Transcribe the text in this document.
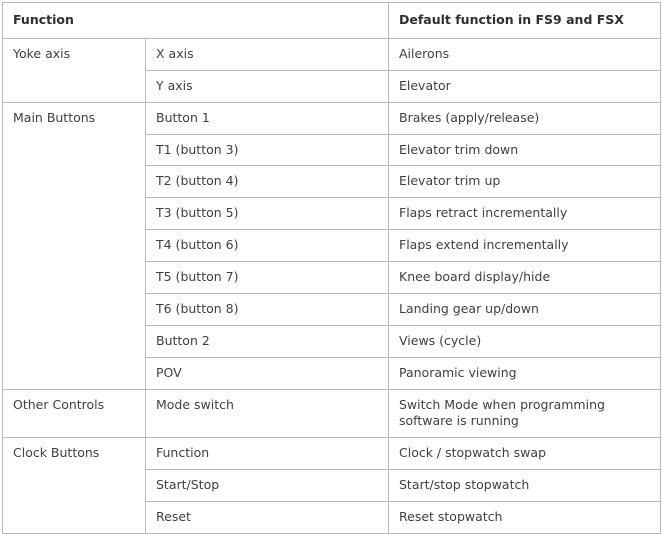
Function		Default function in FS9 and FSX
Yoke axis	X axis	Ailerons
	Y axis	Elevator
Main Buttons	Button 1	Brakes (apply/release)
	T1 (button 3)	Elevator trim down
	T2 (button 4)	Elevator trim up
	T3 (button 5)	Flaps retract incrementally
	T4 (button 6)	Flaps extend incrementally
	T5 (button 7)	Knee board display/hide
	T6 (button 8)	Landing gear up/down
	Button 2	Views (cycle)
	POV	Panoramic viewing
Other Controls	Mode switch	Switch Mode when programming software is running
Clock Buttons	Function	Clock / stopwatch swap
	Start/Stop	Start/stop stopwatch
	Reset	Reset stopwatch
